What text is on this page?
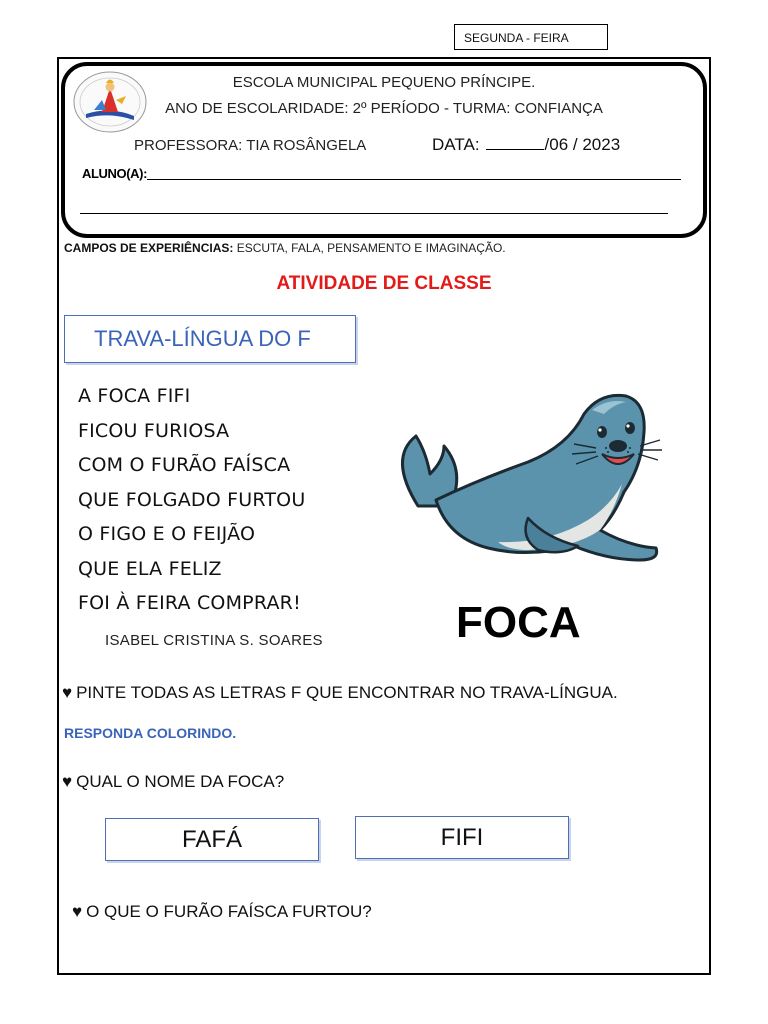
SEGUNDA - FEIRA
ESCOLA MUNICIPAL PEQUENO PRÍNCIPE.
ANO DE ESCOLARIDADE: 2º PERÍODO - TURMA: CONFIANÇA
PROFESSORA: TIA ROSÂNGELA	DATA:	/06 / 2023
ALUNO(A):
CAMPOS DE EXPERIÊNCIAS: ESCUTA, FALA, PENSAMENTO E IMAGINAÇÃO.
ATIVIDADE DE CLASSE
TRAVA-LÍNGUA DO F
A FOCA FIFI
FICOU FURIOSA
COM O FURÃO FAÍSCA
QUE FOLGADO FURTOU
O FIGO E O FEIJÃO
QUE ELA FELIZ
FOI À FEIRA COMPRAR!
ISABEL CRISTINA S. SOARES	FOCA
♥ PINTE TODAS AS LETRAS F QUE ENCONTRAR NO TRAVA-LÍNGUA.
RESPONDA COLORINDO.
♥ QUAL O NOME DA FOCA?
FAFÁ	FIFI
♥ O QUE O FURÃO FAÍSCA FURTOU?
